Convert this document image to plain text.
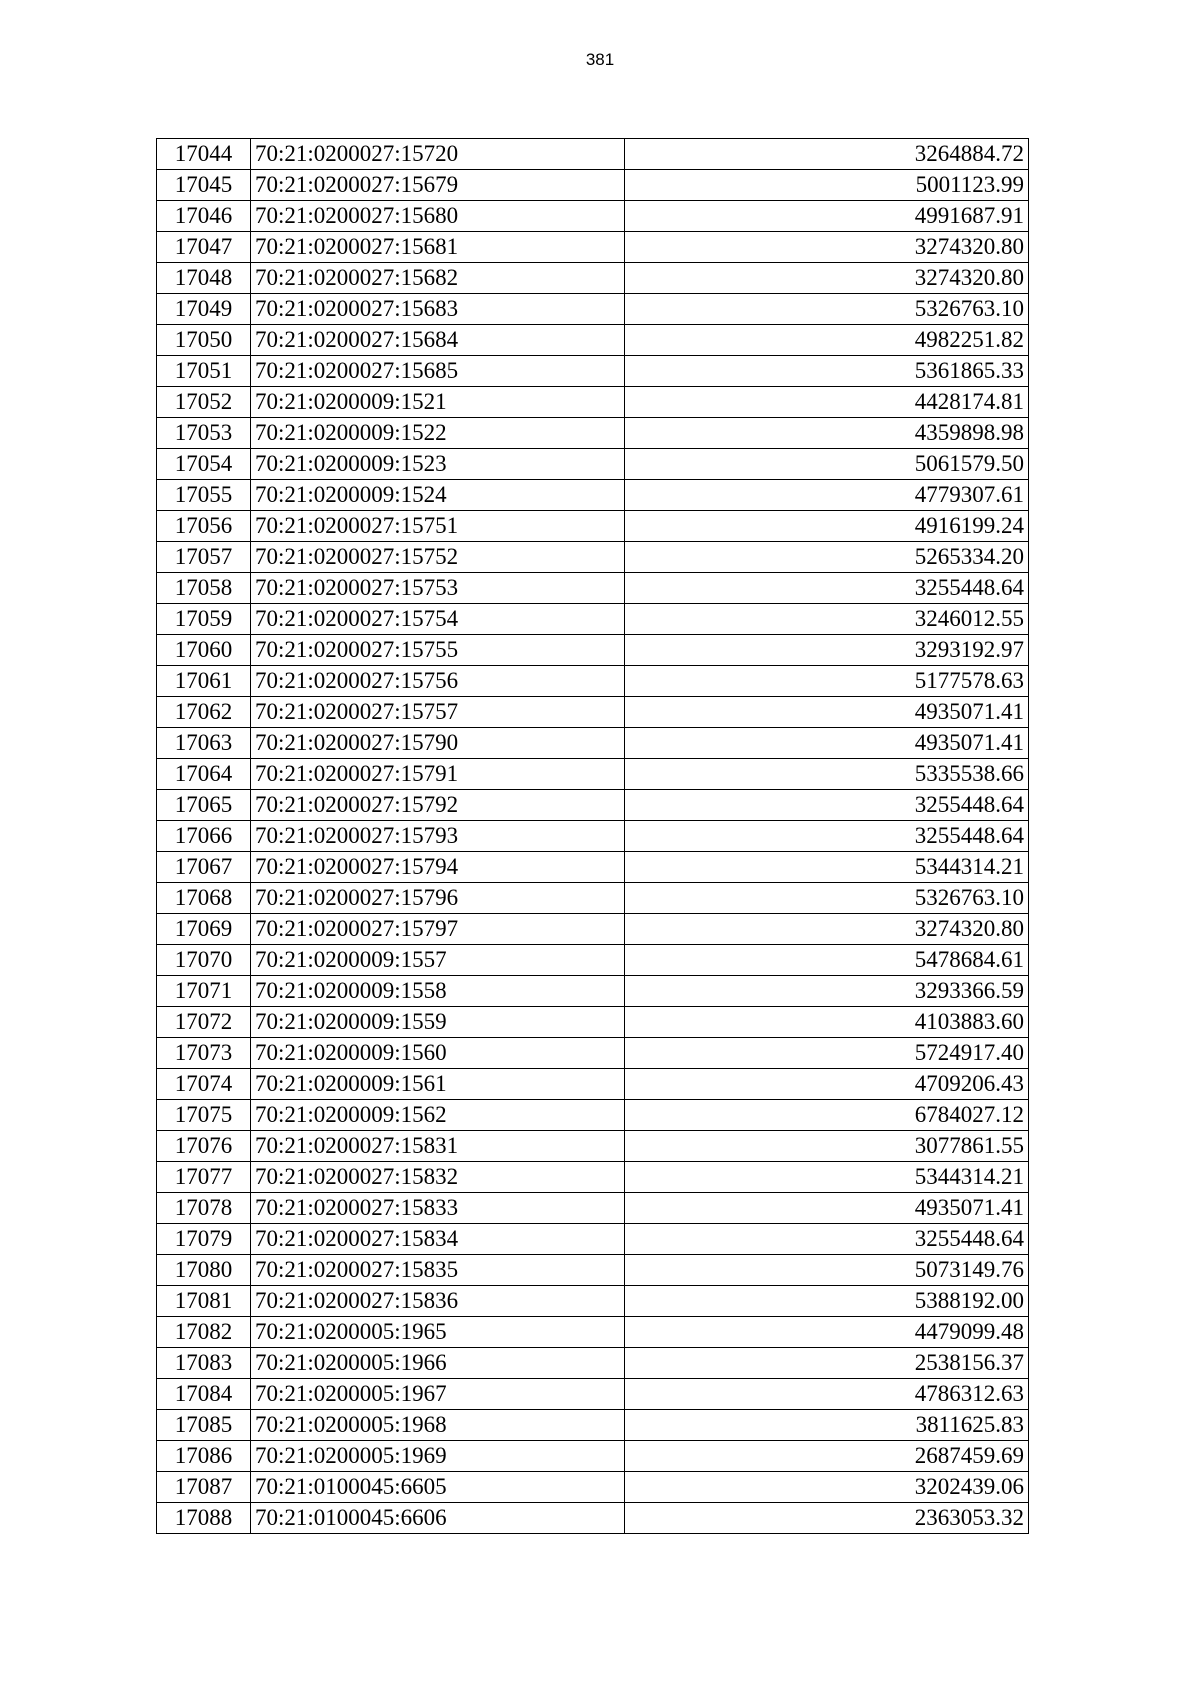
381
17044	70:21:0200027:15720	3264884.72
17045	70:21:0200027:15679	5001123.99
17046	70:21:0200027:15680	4991687.91
17047	70:21:0200027:15681	3274320.80
17048	70:21:0200027:15682	3274320.80
17049	70:21:0200027:15683	5326763.10
17050	70:21:0200027:15684	4982251.82
17051	70:21:0200027:15685	5361865.33
17052	70:21:0200009:1521	4428174.81
17053	70:21:0200009:1522	4359898.98
17054	70:21:0200009:1523	5061579.50
17055	70:21:0200009:1524	4779307.61
17056	70:21:0200027:15751	4916199.24
17057	70:21:0200027:15752	5265334.20
17058	70:21:0200027:15753	3255448.64
17059	70:21:0200027:15754	3246012.55
17060	70:21:0200027:15755	3293192.97
17061	70:21:0200027:15756	5177578.63
17062	70:21:0200027:15757	4935071.41
17063	70:21:0200027:15790	4935071.41
17064	70:21:0200027:15791	5335538.66
17065	70:21:0200027:15792	3255448.64
17066	70:21:0200027:15793	3255448.64
17067	70:21:0200027:15794	5344314.21
17068	70:21:0200027:15796	5326763.10
17069	70:21:0200027:15797	3274320.80
17070	70:21:0200009:1557	5478684.61
17071	70:21:0200009:1558	3293366.59
17072	70:21:0200009:1559	4103883.60
17073	70:21:0200009:1560	5724917.40
17074	70:21:0200009:1561	4709206.43
17075	70:21:0200009:1562	6784027.12
17076	70:21:0200027:15831	3077861.55
17077	70:21:0200027:15832	5344314.21
17078	70:21:0200027:15833	4935071.41
17079	70:21:0200027:15834	3255448.64
17080	70:21:0200027:15835	5073149.76
17081	70:21:0200027:15836	5388192.00
17082	70:21:0200005:1965	4479099.48
17083	70:21:0200005:1966	2538156.37
17084	70:21:0200005:1967	4786312.63
17085	70:21:0200005:1968	3811625.83
17086	70:21:0200005:1969	2687459.69
17087	70:21:0100045:6605	3202439.06
17088	70:21:0100045:6606	2363053.32
